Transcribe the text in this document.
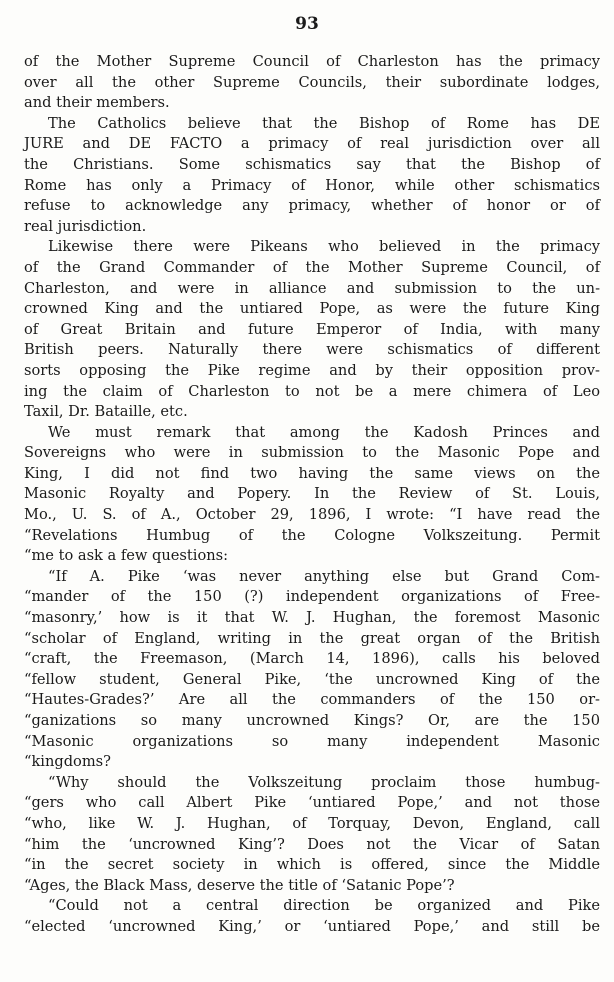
93
of the Mother Supreme Council of Charleston has the primacy
over all the other Supreme Councils, their subordinate lodges,
and their members.
The Catholics believe that the Bishop of Rome has DE
JURE and DE FACTO a primacy of real jurisdiction over all
the Christians. Some schismatics say that the Bishop of
Rome has only a Primacy of Honor, while other schismatics
refuse to acknowledge any primacy, whether of honor or of
real jurisdiction.
Likewise there were Pikeans who believed in the primacy
of the Grand Commander of the Mother Supreme Council, of
Charleston, and were in alliance and submission to the un-
crowned King and the untiared Pope, as were the future King
of Great Britain and future Emperor of India, with many
British peers. Naturally there were schismatics of different
sorts opposing the Pike regime and by their opposition prov-
ing the claim of Charleston to not be a mere chimera of Leo
Taxil, Dr. Bataille, etc.
We must remark that among the Kadosh Princes and
Sovereigns who were in submission to the Masonic Pope and
King, I did not find two having the same views on the
Masonic Royalty and Popery. In the Review of St. Louis,
Mo., U. S. of A., October 29, 1896, I wrote: “I have read the
“Revelations Humbug of the Cologne Volkszeitung. Permit
“me to ask a few questions:
“If A. Pike ‘was never anything else but Grand Com-
“mander of the 150 (?) independent organizations of Free-
“masonry,’ how is it that W. J. Hughan, the foremost Masonic
“scholar of England, writing in the great organ of the British
“craft, the Freemason, (March 14, 1896), calls his beloved
“fellow student, General Pike, ‘the uncrowned King of the
“Hautes-Grades?’ Are all the commanders of the 150 or-
“ganizations so many uncrowned Kings? Or, are the 150
“Masonic organizations so many independent Masonic
“kingdoms?
“Why should the Volkszeitung proclaim those humbug-
“gers who call Albert Pike ‘untiared Pope,’ and not those
“who, like W. J. Hughan, of Torquay, Devon, England, call
“him the ‘uncrowned King’? Does not the Vicar of Satan
“in the secret society in which is offered, since the Middle
“Ages, the Black Mass, deserve the title of ‘Satanic Pope’?
“Could not a central direction be organized and Pike
“elected ‘uncrowned King,’ or ‘untiared Pope,’ and still be
